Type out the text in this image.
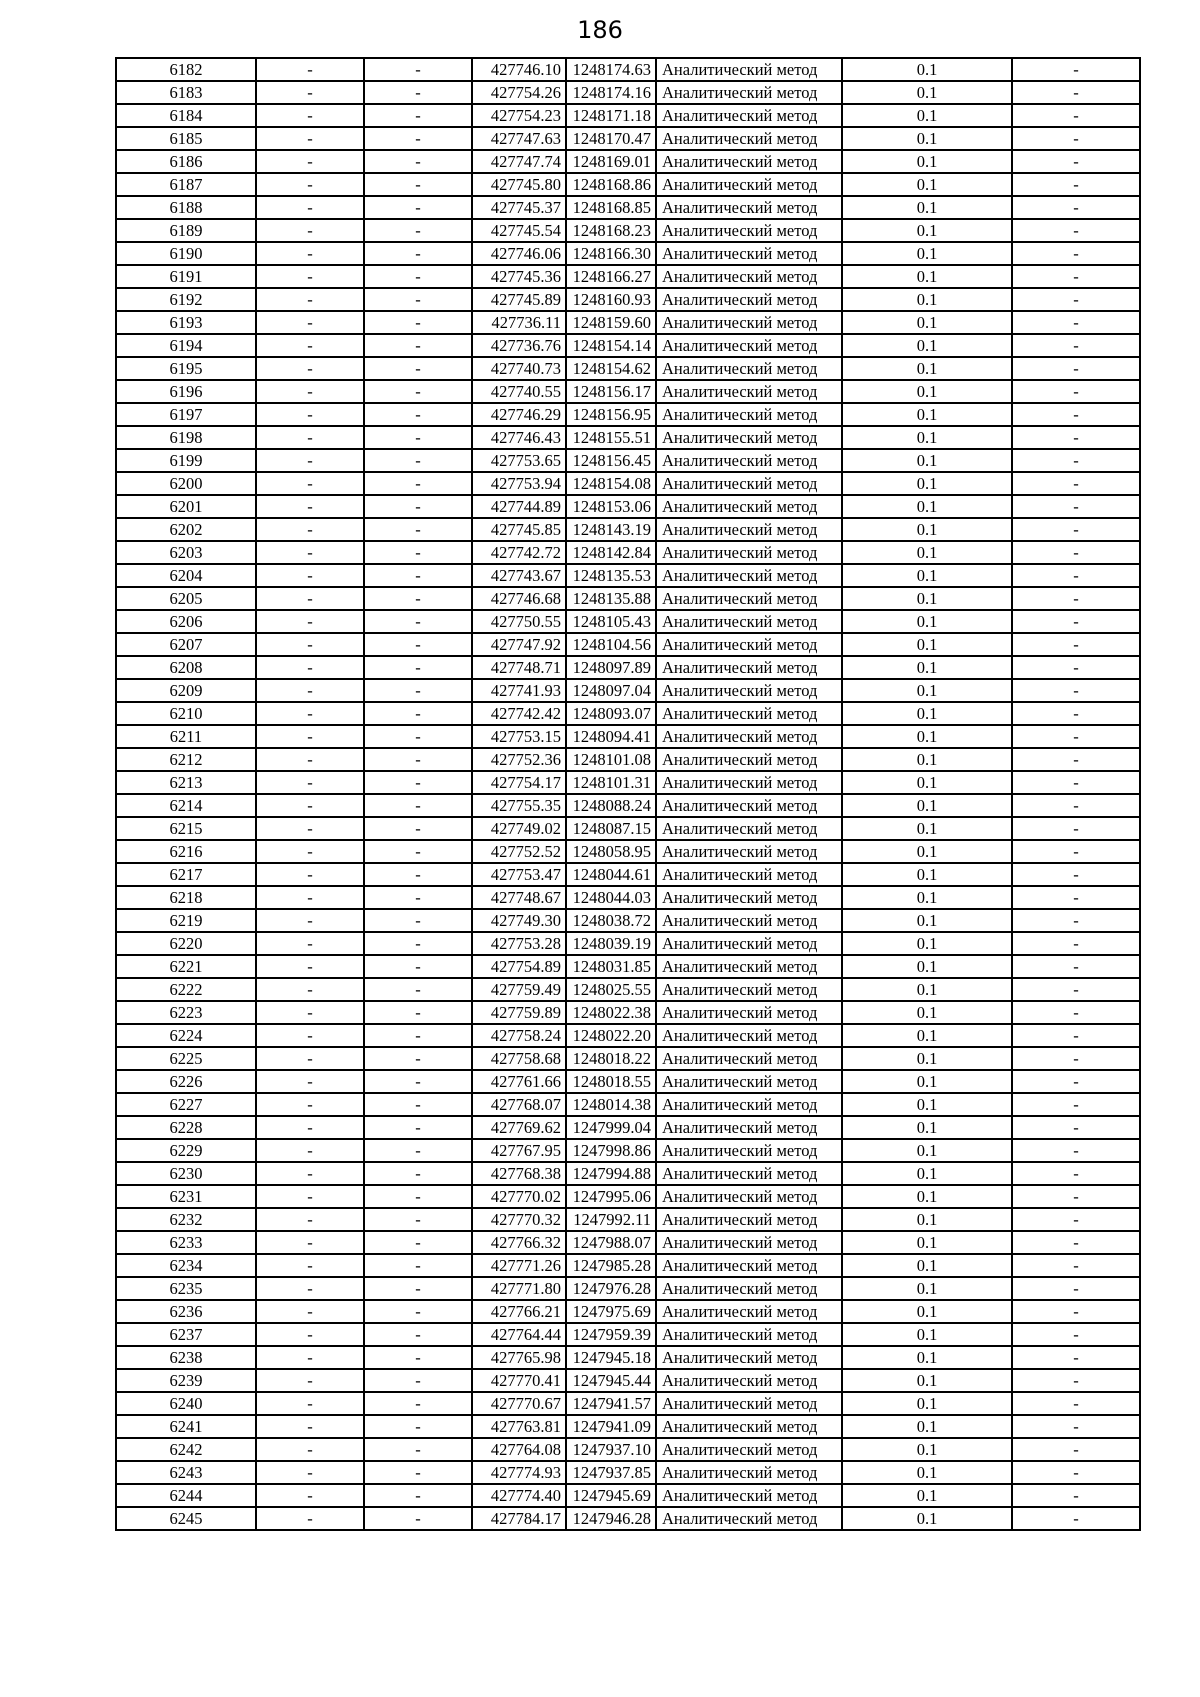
186
6182	-	-	427746.10	1248174.63	Аналитический метод	0.1	-
6183	-	-	427754.26	1248174.16	Аналитический метод	0.1	-
6184	-	-	427754.23	1248171.18	Аналитический метод	0.1	-
6185	-	-	427747.63	1248170.47	Аналитический метод	0.1	-
6186	-	-	427747.74	1248169.01	Аналитический метод	0.1	-
6187	-	-	427745.80	1248168.86	Аналитический метод	0.1	-
6188	-	-	427745.37	1248168.85	Аналитический метод	0.1	-
6189	-	-	427745.54	1248168.23	Аналитический метод	0.1	-
6190	-	-	427746.06	1248166.30	Аналитический метод	0.1	-
6191	-	-	427745.36	1248166.27	Аналитический метод	0.1	-
6192	-	-	427745.89	1248160.93	Аналитический метод	0.1	-
6193	-	-	427736.11	1248159.60	Аналитический метод	0.1	-
6194	-	-	427736.76	1248154.14	Аналитический метод	0.1	-
6195	-	-	427740.73	1248154.62	Аналитический метод	0.1	-
6196	-	-	427740.55	1248156.17	Аналитический метод	0.1	-
6197	-	-	427746.29	1248156.95	Аналитический метод	0.1	-
6198	-	-	427746.43	1248155.51	Аналитический метод	0.1	-
6199	-	-	427753.65	1248156.45	Аналитический метод	0.1	-
6200	-	-	427753.94	1248154.08	Аналитический метод	0.1	-
6201	-	-	427744.89	1248153.06	Аналитический метод	0.1	-
6202	-	-	427745.85	1248143.19	Аналитический метод	0.1	-
6203	-	-	427742.72	1248142.84	Аналитический метод	0.1	-
6204	-	-	427743.67	1248135.53	Аналитический метод	0.1	-
6205	-	-	427746.68	1248135.88	Аналитический метод	0.1	-
6206	-	-	427750.55	1248105.43	Аналитический метод	0.1	-
6207	-	-	427747.92	1248104.56	Аналитический метод	0.1	-
6208	-	-	427748.71	1248097.89	Аналитический метод	0.1	-
6209	-	-	427741.93	1248097.04	Аналитический метод	0.1	-
6210	-	-	427742.42	1248093.07	Аналитический метод	0.1	-
6211	-	-	427753.15	1248094.41	Аналитический метод	0.1	-
6212	-	-	427752.36	1248101.08	Аналитический метод	0.1	-
6213	-	-	427754.17	1248101.31	Аналитический метод	0.1	-
6214	-	-	427755.35	1248088.24	Аналитический метод	0.1	-
6215	-	-	427749.02	1248087.15	Аналитический метод	0.1	-
6216	-	-	427752.52	1248058.95	Аналитический метод	0.1	-
6217	-	-	427753.47	1248044.61	Аналитический метод	0.1	-
6218	-	-	427748.67	1248044.03	Аналитический метод	0.1	-
6219	-	-	427749.30	1248038.72	Аналитический метод	0.1	-
6220	-	-	427753.28	1248039.19	Аналитический метод	0.1	-
6221	-	-	427754.89	1248031.85	Аналитический метод	0.1	-
6222	-	-	427759.49	1248025.55	Аналитический метод	0.1	-
6223	-	-	427759.89	1248022.38	Аналитический метод	0.1	-
6224	-	-	427758.24	1248022.20	Аналитический метод	0.1	-
6225	-	-	427758.68	1248018.22	Аналитический метод	0.1	-
6226	-	-	427761.66	1248018.55	Аналитический метод	0.1	-
6227	-	-	427768.07	1248014.38	Аналитический метод	0.1	-
6228	-	-	427769.62	1247999.04	Аналитический метод	0.1	-
6229	-	-	427767.95	1247998.86	Аналитический метод	0.1	-
6230	-	-	427768.38	1247994.88	Аналитический метод	0.1	-
6231	-	-	427770.02	1247995.06	Аналитический метод	0.1	-
6232	-	-	427770.32	1247992.11	Аналитический метод	0.1	-
6233	-	-	427766.32	1247988.07	Аналитический метод	0.1	-
6234	-	-	427771.26	1247985.28	Аналитический метод	0.1	-
6235	-	-	427771.80	1247976.28	Аналитический метод	0.1	-
6236	-	-	427766.21	1247975.69	Аналитический метод	0.1	-
6237	-	-	427764.44	1247959.39	Аналитический метод	0.1	-
6238	-	-	427765.98	1247945.18	Аналитический метод	0.1	-
6239	-	-	427770.41	1247945.44	Аналитический метод	0.1	-
6240	-	-	427770.67	1247941.57	Аналитический метод	0.1	-
6241	-	-	427763.81	1247941.09	Аналитический метод	0.1	-
6242	-	-	427764.08	1247937.10	Аналитический метод	0.1	-
6243	-	-	427774.93	1247937.85	Аналитический метод	0.1	-
6244	-	-	427774.40	1247945.69	Аналитический метод	0.1	-
6245	-	-	427784.17	1247946.28	Аналитический метод	0.1	-
